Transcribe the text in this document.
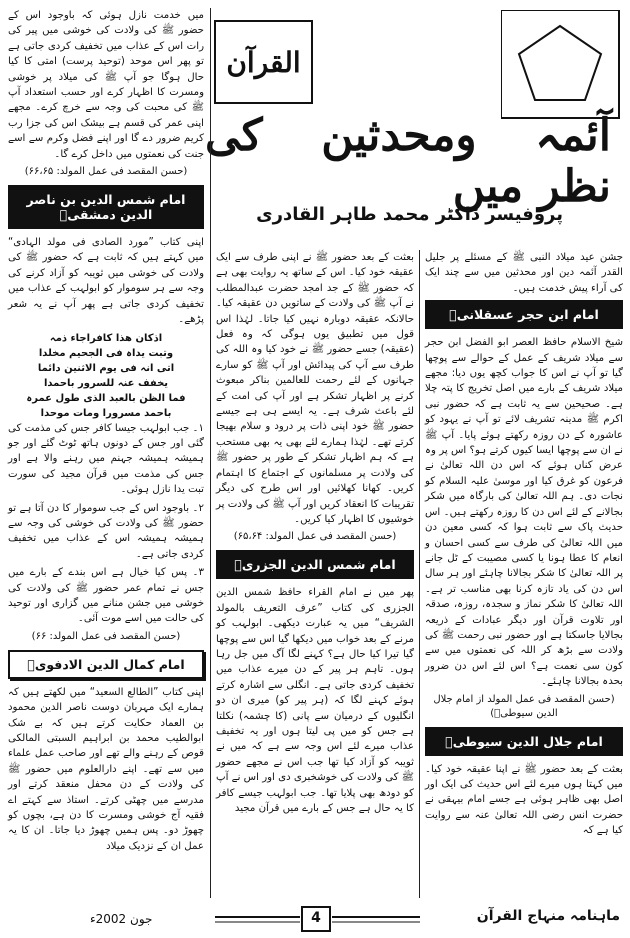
آئمہ ومحدثین کی نظر میں
پروفیسر ڈاکٹر محمد طاہر القادری
القرآن

میں خدمت نازل ہوئی کہ باوجود اس کے حضور ﷺ کی ولادت کی خوشی میں پیر کی رات اس کے عذاب میں تخفیف کردی جاتی ہے تو پھر اس موحد (توحید پرست) امتی کا کیا حال ہوگا جو آپ ﷺ کی میلاد پر خوشی ومسرت کا اظہار کرے اور حسب استعداد آپ ﷺ کی محبت کی وجہ سے خرچ کرے۔ مجھے اپنی عمر کی قسم ہے بیشک اس کی جزا رب کریم ضرور دے گا اور اپنے فضل وکرم سے اسے جنت کی نعمتوں میں داخل کرے گا۔

(حسن المقصد فی عمل المولد: ۶۶،۶۵)
امام شمس الدین بن ناصر الدین دمشقیؒ

اپنی کتاب ”مورد الصادی فی مولد الہادی“ میں کہتے ہیں کہ ثابت ہے کہ حضور ﷺ کی ولادت کی خوشی میں ثویبہ کو آزاد کرنے کی وجہ سے ہر سوموار کو ابولہب کے عذاب میں تخفیف کردی جاتی ہے پھر آپ نے یہ شعر پڑھے۔

اذکان ھذا کافراجاء ذمہ
وتبت یداہ فی الجحیم مخلدا
اتی انہ فی یوم الاثنین دائما
یخفف عنہ للسرور باحمدا
فما الظن بالعبد الذی طول عمرہ
باحمد مسرورا ومات موحدا

۱۔ جب ابولہب جیسا کافر جس کی مذمت کی گئی اور جس کے دونوں ہاتھ ٹوٹ گئے اور جو ہمیشہ ہمیشہ جہنم میں رہنے والا ہے اور جس کی مذمت میں قرآن مجید کی سورت تبت یدا نازل ہوئی۔

۲۔ باوجود اس کے جب سوموار کا دن آتا ہے تو حضور ﷺ کی ولادت کی خوشی کی وجہ سے ہمیشہ ہمیشہ اس کے عذاب میں تخفیف کردی جاتی ہے۔

۳۔ پس کیا خیال ہے اس بندے کے بارے میں جس نے تمام عمر حضور ﷺ کی ولادت کی خوشی میں جشن منانے میں گزاری اور توحید کی حالت میں اسے موت آئی۔

(حسن المقصد فی عمل المولد: ۶۶)
امام کمال الدین الادفویؒ

اپنی کتاب ”الطالع السعید“ میں لکھتے ہیں کہ ہمارے ایک مہربان دوست ناصر الدین محمود بن العماد حکایت کرتے ہیں کہ بے شک ابوالطیب محمد بن ابراہیم السبتی المالکی قوص کے رہنے والے تھے اور صاحب عمل علماء میں سے تھے۔ اپنے دارالعلوم میں حضور ﷺ کی ولادت کے دن محفل منعقد کرتے اور مدرسے میں چھٹی کرتے۔ استاذ سے کہتے اے فقیہ آج خوشی ومسرت کا دن ہے، بچوں کو چھوڑ دو۔ پس ہمیں چھوڑ دیا جاتا۔ ان کا یہ عمل ان کے نزدیک میلاد

بعثت کے بعد حضور ﷺ نے اپنی طرف سے ایک عقیقہ خود کیا۔ اس کے ساتھ یہ روایت بھی ہے کہ حضور ﷺ کے جد امجد حضرت عبدالمطلب نے آپ ﷺ کی ولادت کے ساتویں دن عقیقہ کیا۔ حالانکہ عقیقہ دوبارہ نہیں کیا جاتا۔ لہٰذا اس قول میں تطبیق یوں ہوگی کہ وہ فعل (عقیقہ) جسے حضور ﷺ نے خود کیا وہ اللہ کی طرف سے آپ کی پیدائش اور آپ ﷺ کو سارے جہانوں کے لئے رحمت للعالمین بناکر مبعوث کرنے پر اظہار تشکر ہے اور آپ کی امت کے لئے باعث شرف ہے۔ یہ ایسے ہی ہے جیسے حضور ﷺ خود اپنی ذات پر درود و سلام بھیجا کرتے تھے۔ لہٰذا ہمارے لئے بھی یہ بھی مستحب ہے کہ ہم اظہار تشکر کے طور پر حضور ﷺ کی ولادت پر مسلمانوں کے اجتماع کا اہتمام کریں۔ کھانا کھلائیں اور اس طرح کی دیگر تقریبات کا انعقاد کریں اور آپ ﷺ کی ولادت پر خوشیوں کا اظہار کیا کریں۔

(حسن المقصد فی عمل المولد: ۶۵،۶۴)
امام شمس الدین الجزریؒ

پھر میں نے امام القراء حافظ شمس الدین الجزری کی کتاب ”عرف التعریف بالمولد الشریف“ میں یہ عبارت دیکھی۔ ابولہب کو مرنے کے بعد خواب میں دیکھا گیا اس سے پوچھا گیا تیرا کیا حال ہے؟ کہنے لگا آگ میں جل رہا ہوں۔ تاہم ہر پیر کے دن میرے عذاب میں تخفیف کردی جاتی ہے۔ انگلی سے اشارہ کرتے ہوئے کہنے لگا کہ (ہر پیر کو) میری ان دو انگلیوں کے درمیان سے پانی (کا چشمہ) نکلتا ہے جس کو میں پی لیتا ہوں اور یہ تخفیف عذاب میرے لئے اس وجہ سے ہے کہ میں نے ثویبہ کو آزاد کیا تھا جب اس نے مجھے حضور ﷺ کی ولادت کی خوشخبری دی اور اس نے آپ کو دودھ بھی پلایا تھا۔ جب ابولہب جیسے کافر کا یہ حال ہے جس کے بارے میں قرآن مجید

جشن عید میلاد النبی ﷺ کے مسئلے پر جلیل القدر آئمہ دین اور محدثین میں سے چند ایک کی آراء پیش خدمت ہیں۔

امام ابن حجر عسقلانیؒ

شیخ الاسلام حافظ العصر ابو الفضل ابن حجر سے میلاد شریف کے عمل کے حوالے سے پوچھا گیا تو آپ نے اس کا جواب کچھ یوں دیا: مجھے میلاد شریف کے بارے میں اصل تخریج کا پتہ چلا ہے۔ صحیحین سے یہ ثابت ہے کہ حضور نبی اکرم ﷺ مدینہ تشریف لائے تو آپ نے یہود کو عاشورہ کے دن روزہ رکھتے ہوئے پایا۔ آپ ﷺ نے ان سے پوچھا ایسا کیوں کرتے ہو؟ اس پر وہ عرض کناں ہوئے کہ اس دن اللہ تعالیٰ نے فرعون کو غرق کیا اور موسیٰ علیہ السلام کو نجات دی۔ ہم اللہ تعالیٰ کی بارگاہ میں شکر بجالانے کے لئے اس دن کا روزہ رکھتے ہیں۔ اس حدیث پاک سے ثابت ہوا کہ کسی معین دن میں اللہ تعالیٰ کی طرف سے کسی احسان و انعام کا عطا ہونا یا کسی مصیبت کے ٹل جانے پر اللہ تعالیٰ کا شکر بجالانا چاہئے اور ہر سال اس دن کی یاد تازہ کرنا بھی مناسب تر ہے۔ اللہ تعالیٰ کا شکر نماز و سجدہ، روزہ، صدقہ اور تلاوت قرآن اور دیگر عبادات کے ذریعہ بجالایا جاسکتا ہے اور حضور نبی رحمت ﷺ کی ولادت سے بڑھ کر اللہ کی نعمتوں میں سے کون سی نعمت ہے؟ اس لئے اس دن ضرور بحدہ بجالانا چاہئے۔

(حسن المقصد فی عمل المولد از امام جلال الدین سیوطیؒ)
امام جلال الدین سیوطیؒ

بعثت کے بعد حضور ﷺ نے اپنا عقیقہ خود کیا۔ میں کہتا ہوں میرے لئے اس حدیث کی ایک اور اصل بھی ظاہر ہوئی ہے جسے امام بیہقی نے حضرت انس رضی اللہ تعالیٰ عنہ سے روایت کیا ہے کہ

جون 2002ء	4	ماہنامہ منہاج القرآن
